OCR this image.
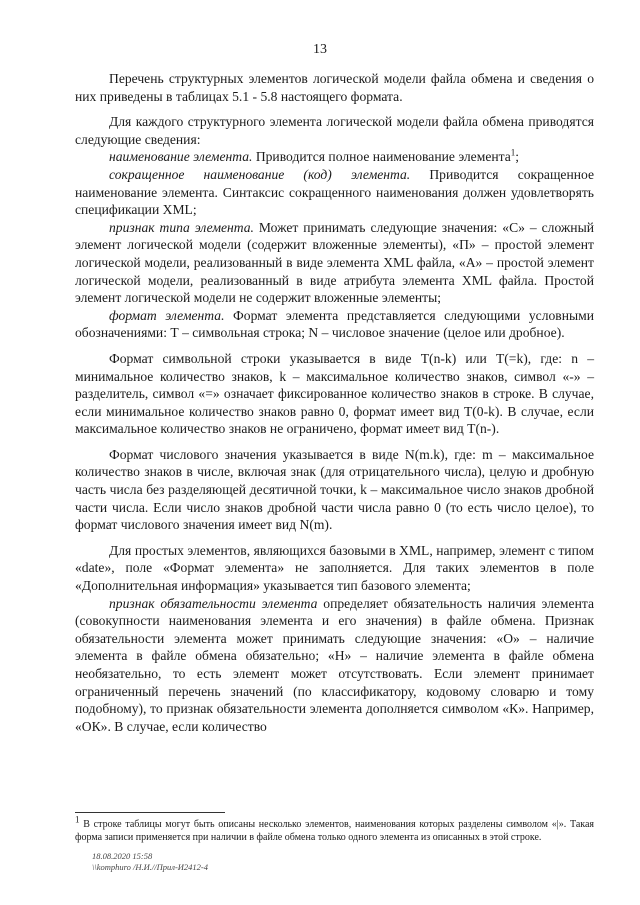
13

Перечень структурных элементов логической модели файла обмена и сведения о них приведены в таблицах 5.1 - 5.8 настоящего формата.

Для каждого структурного элемента логической модели файла обмена приводятся следующие сведения:

наименование элемента. Приводится полное наименование элемента$^1$;

сокращенное наименование (код) элемента. Приводится сокращенное наименование элемента. Синтаксис сокращенного наименования должен удовлетворять спецификации XML;

признак типа элемента. Может принимать следующие значения: «С» – сложный элемент логической модели (содержит вложенные элементы), «П» – простой элемент логической модели, реализованный в виде элемента XML файла, «А» – простой элемент логической модели, реализованный в виде атрибута элемента XML файла. Простой элемент логической модели не содержит вложенные элементы;

формат элемента. Формат элемента представляется следующими условными обозначениями: Т – символьная строка; N – числовое значение (целое или дробное).

Формат символьной строки указывается в виде Т(n-k) или T(=k), где: n – минимальное количество знаков, k – максимальное количество знаков, символ «-» – разделитель, символ «=» означает фиксированное количество знаков в строке. В случае, если минимальное количество знаков равно 0, формат имеет вид Т(0-k). В случае, если максимальное количество знаков не ограничено, формат имеет вид Т(n-).

Формат числового значения указывается в виде N(m.k), где: m – максимальное количество знаков в числе, включая знак (для отрицательного числа), целую и дробную часть числа без разделяющей десятичной точки, k – максимальное число знаков дробной части числа. Если число знаков дробной части числа равно 0 (то есть число целое), то формат числового значения имеет вид N(m).

Для простых элементов, являющихся базовыми в XML, например, элемент с типом «date», поле «Формат элемента» не заполняется. Для таких элементов в поле «Дополнительная информация» указывается тип базового элемента;

признак обязательности элемента определяет обязательность наличия элемента (совокупности наименования элемента и его значения) в файле обмена. Признак обязательности элемента может принимать следующие значения: «О» – наличие элемента в файле обмена обязательно; «Н» – наличие элемента в файле обмена необязательно, то есть элемент может отсутствовать. Если элемент принимает ограниченный перечень значений (по классификатору, кодовому словарю и тому подобному), то признак обязательности элемента дополняется символом «К». Например, «ОК». В случае, если количество

$^1$ В строке таблицы могут быть описаны несколько элементов, наименования которых разделены символом «|». Такая форма записи применяется при наличии в файле обмена только одного элемента из описанных в этой строке.
18.08.2020 15:58
\\komphuro /Н.И.//Прил-И2412-4
